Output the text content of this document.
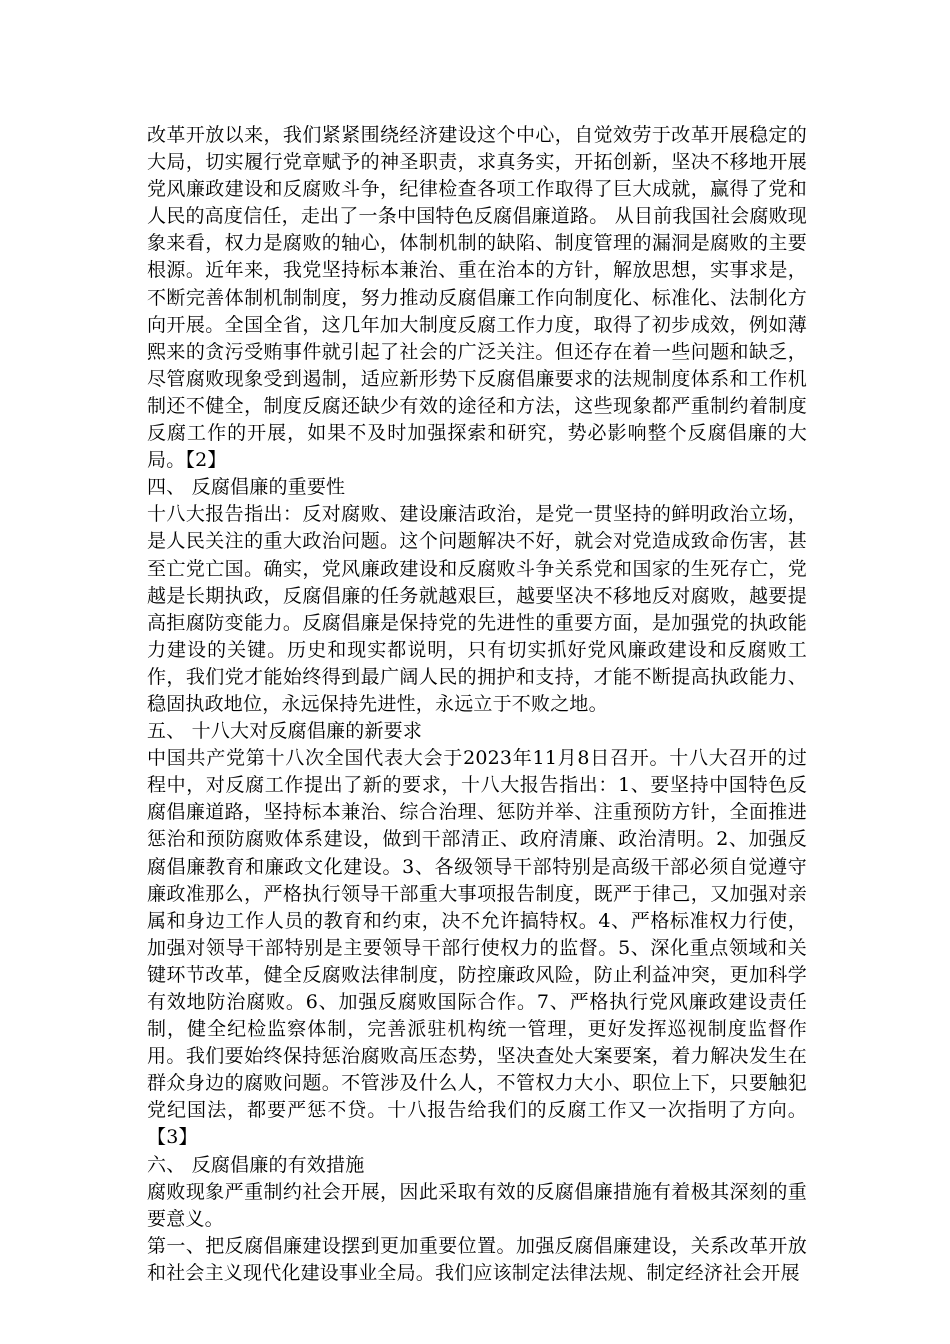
改革开放以来，我们紧紧围绕经济建设这个中心，自觉效劳于改革开展稳定的大局，切实履行党章赋予的神圣职责，求真务实，开拓创新，坚决不移地开展党风廉政建设和反腐败斗争，纪律检查各项工作取得了巨大成就，赢得了党和人民的高度信任，走出了一条中国特色反腐倡廉道路。 从目前我国社会腐败现象来看，权力是腐败的轴心，体制机制的缺陷、制度管理的漏洞是腐败的主要根源。近年来，我党坚持标本兼治、重在治本的方针，解放思想，实事求是，不断完善体制机制制度，努力推动反腐倡廉工作向制度化、标准化、法制化方向开展。全国全省，这几年加大制度反腐工作力度，取得了初步成效，例如薄熙来的贪污受贿事件就引起了社会的广泛关注。但还存在着一些问题和缺乏，尽管腐败现象受到遏制，适应新形势下反腐倡廉要求的法规制度体系和工作机制还不健全，制度反腐还缺少有效的途径和方法，这些现象都严重制约着制度反腐工作的开展，如果不及时加强探索和研究，势必影响整个反腐倡廉的大局。【2】

四、 反腐倡廉的重要性

十八大报告指出：反对腐败、建设廉洁政治，是党一贯坚持的鲜明政治立场，是人民关注的重大政治问题。这个问题解决不好，就会对党造成致命伤害，甚至亡党亡国。确实，党风廉政建设和反腐败斗争关系党和国家的生死存亡，党越是长期执政，反腐倡廉的任务就越艰巨，越要坚决不移地反对腐败，越要提高拒腐防变能力。反腐倡廉是保持党的先进性的重要方面，是加强党的执政能力建设的关键。历史和现实都说明，只有切实抓好党风廉政建设和反腐败工作，我们党才能始终得到最广阔人民的拥护和支持，才能不断提高执政能力、稳固执政地位，永远保持先进性，永远立于不败之地。

五、 十八大对反腐倡廉的新要求

中国共产党第十八次全国代表大会于2023年11月8日召开。十八大召开的过程中，对反腐工作提出了新的要求，十八大报告指出：1、要坚持中国特色反腐倡廉道路，坚持标本兼治、综合治理、惩防并举、注重预防方针，全面推进惩治和预防腐败体系建设，做到干部清正、政府清廉、政治清明。2、加强反腐倡廉教育和廉政文化建设。3、各级领导干部特别是高级干部必须自觉遵守廉政准那么，严格执行领导干部重大事项报告制度，既严于律己，又加强对亲属和身边工作人员的教育和约束，决不允许搞特权。4、严格标准权力行使，加强对领导干部特别是主要领导干部行使权力的监督。5、深化重点领域和关键环节改革，健全反腐败法律制度，防控廉政风险，防止利益冲突，更加科学有效地防治腐败。6、加强反腐败国际合作。7、严格执行党风廉政建设责任制，健全纪检监察体制，完善派驻机构统一管理，更好发挥巡视制度监督作用。我们要始终保持惩治腐败高压态势，坚决查处大案要案，着力解决发生在群众身边的腐败问题。不管涉及什么人，不管权力大小、职位上下，只要触犯党纪国法，都要严惩不贷。十八报告给我们的反腐工作又一次指明了方向。【3】

六、 反腐倡廉的有效措施

腐败现象严重制约社会开展，因此采取有效的反腐倡廉措施有着极其深刻的重要意义。

第一、把反腐倡廉建设摆到更加重要位置。加强反腐倡廉建设，关系改革开放和社会主义现代化建设事业全局。我们应该制定法律法规、制定经济社会开展
